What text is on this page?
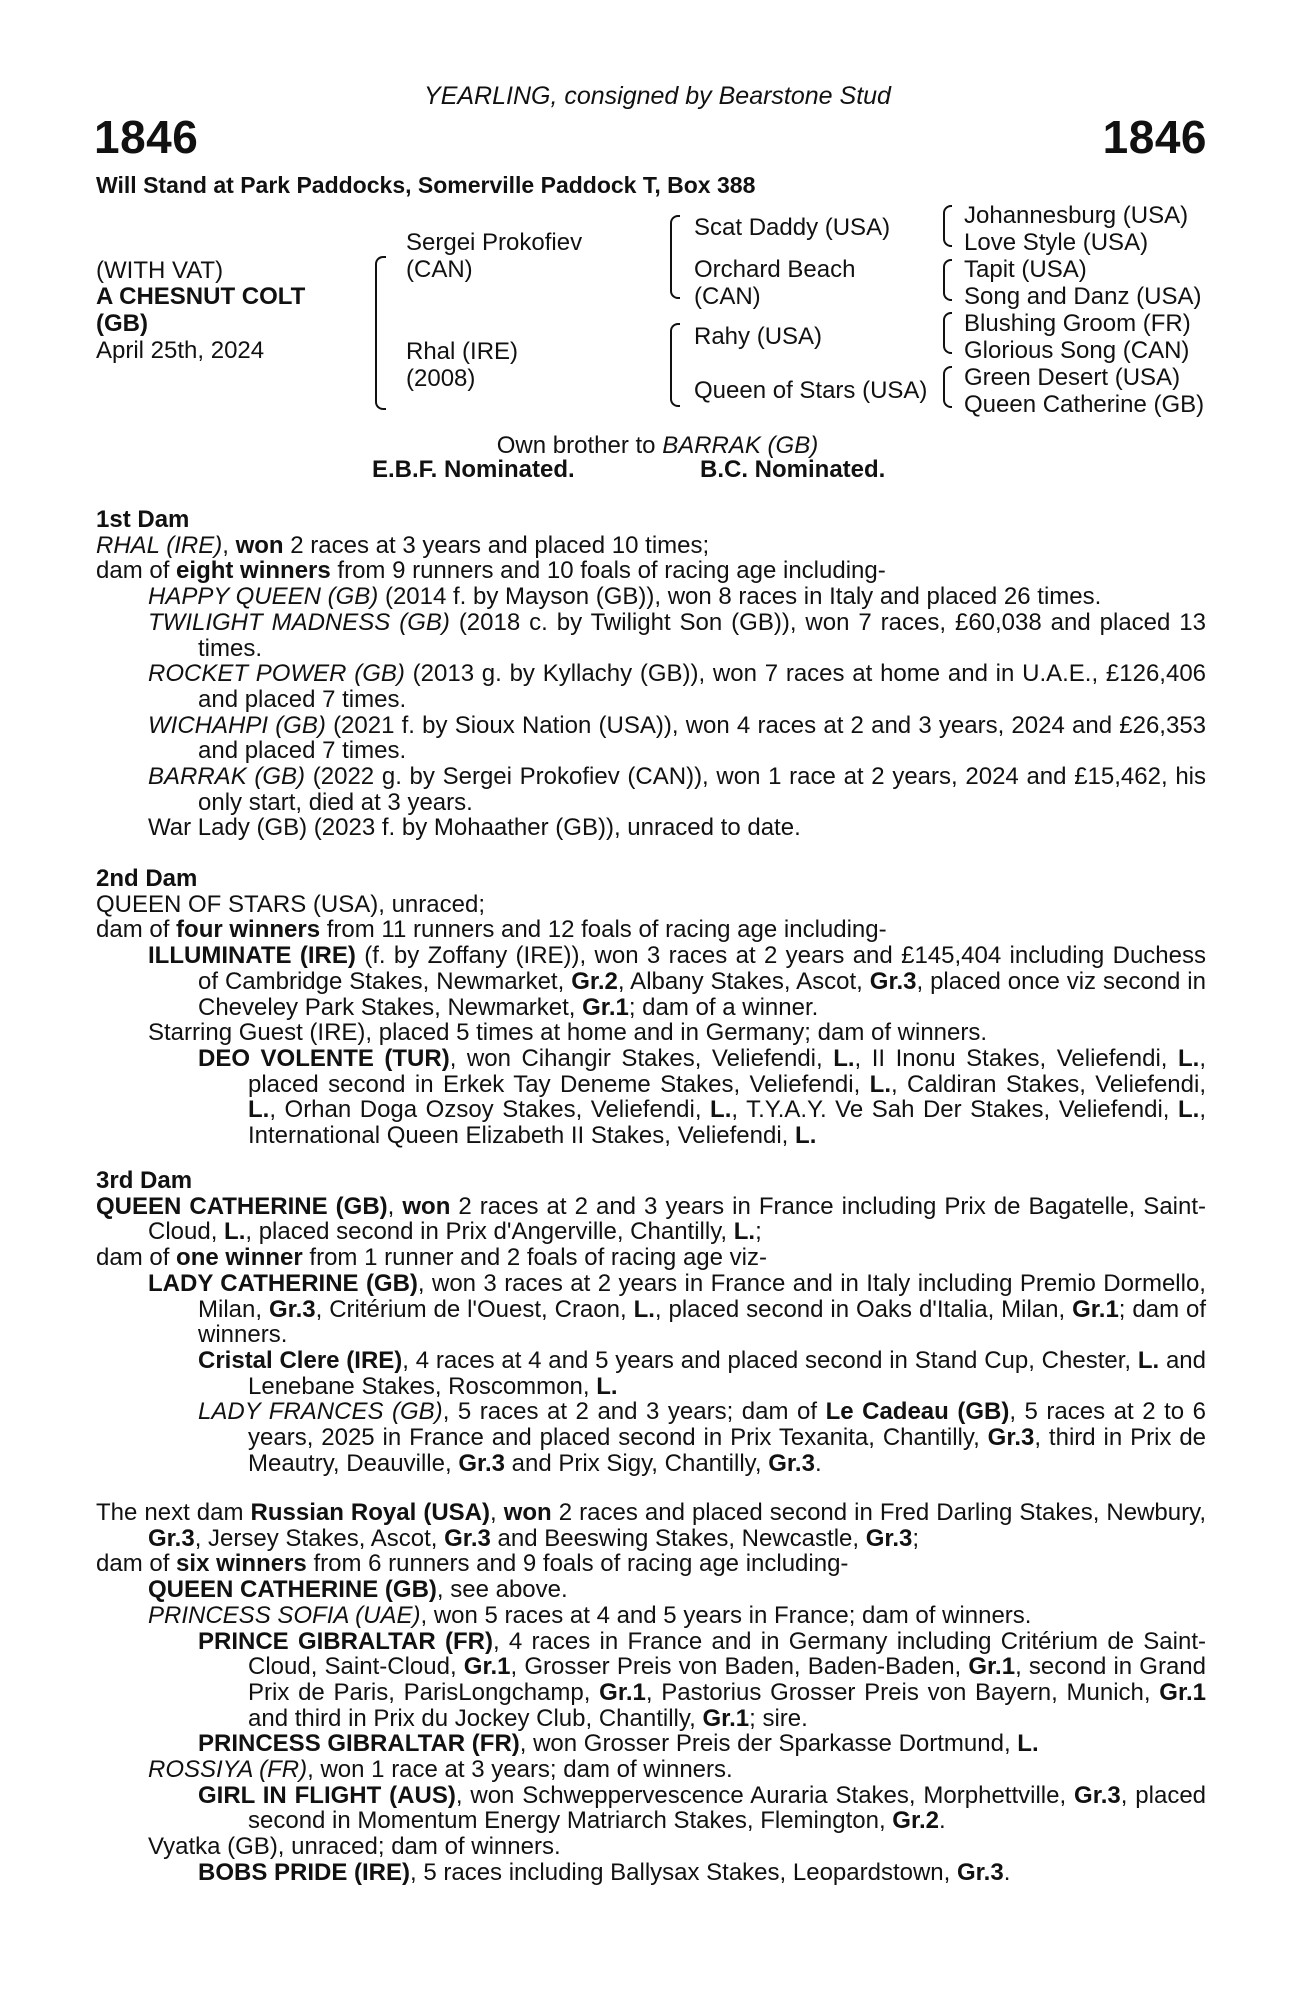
YEARLING, consigned by Bearstone Stud
1846	1846
Will Stand at Park Paddocks, Somerville Paddock T, Box 388
(WITH VAT)
A CHESNUT COLT
(GB)
April 25th, 2024
Sergei Prokofiev
(CAN)
Rhal (IRE)
(2008)
Scat Daddy (USA)
Orchard Beach
(CAN)
Rahy (USA)
Queen of Stars (USA)
Johannesburg (USA)
Love Style (USA)
Tapit (USA)
Song and Danz (USA)
Blushing Groom (FR)
Glorious Song (CAN)
Green Desert (USA)
Queen Catherine (GB)
Own brother to BARRAK (GB)
E.B.F. Nominated.	B.C. Nominated.
1st Dam
RHAL (IRE), won 2 races at 3 years and placed 10 times;
dam of eight winners from 9 runners and 10 foals of racing age including-
HAPPY QUEEN (GB) (2014 f. by Mayson (GB)), won 8 races in Italy and placed 26 times.
TWILIGHT MADNESS (GB) (2018 c. by Twilight Son (GB)), won 7 races, £60,038 and placed 13 times.
ROCKET POWER (GB) (2013 g. by Kyllachy (GB)), won 7 races at home and in U.A.E., £126,406 and placed 7 times.
WICHAHPI (GB) (2021 f. by Sioux Nation (USA)), won 4 races at 2 and 3 years, 2024 and £26,353 and placed 7 times.
BARRAK (GB) (2022 g. by Sergei Prokofiev (CAN)), won 1 race at 2 years, 2024 and £15,462, his only start, died at 3 years.
War Lady (GB) (2023 f. by Mohaather (GB)), unraced to date.
2nd Dam
QUEEN OF STARS (USA), unraced;
dam of four winners from 11 runners and 12 foals of racing age including-
ILLUMINATE (IRE) (f. by Zoffany (IRE)), won 3 races at 2 years and £145,404 including Duchess of Cambridge Stakes, Newmarket, Gr.2, Albany Stakes, Ascot, Gr.3, placed once viz second in Cheveley Park Stakes, Newmarket, Gr.1; dam of a winner.
Starring Guest (IRE), placed 5 times at home and in Germany; dam of winners.
DEO VOLENTE (TUR), won Cihangir Stakes, Veliefendi, L., II Inonu Stakes, Veliefendi, L., placed second in Erkek Tay Deneme Stakes, Veliefendi, L., Caldiran Stakes, Veliefendi, L., Orhan Doga Ozsoy Stakes, Veliefendi, L., T.Y.A.Y. Ve Sah Der Stakes, Veliefendi, L., International Queen Elizabeth II Stakes, Veliefendi, L.
3rd Dam
QUEEN CATHERINE (GB), won 2 races at 2 and 3 years in France including Prix de Bagatelle, Saint-Cloud, L., placed second in Prix d'Angerville, Chantilly, L.;
dam of one winner from 1 runner and 2 foals of racing age viz-
LADY CATHERINE (GB), won 3 races at 2 years in France and in Italy including Premio Dormello, Milan, Gr.3, Critérium de l'Ouest, Craon, L., placed second in Oaks d'Italia, Milan, Gr.1; dam of winners.
Cristal Clere (IRE), 4 races at 4 and 5 years and placed second in Stand Cup, Chester, L. and Lenebane Stakes, Roscommon, L.
LADY FRANCES (GB), 5 races at 2 and 3 years; dam of Le Cadeau (GB), 5 races at 2 to 6 years, 2025 in France and placed second in Prix Texanita, Chantilly, Gr.3, third in Prix de Meautry, Deauville, Gr.3 and Prix Sigy, Chantilly, Gr.3.
The next dam Russian Royal (USA), won 2 races and placed second in Fred Darling Stakes, Newbury, Gr.3, Jersey Stakes, Ascot, Gr.3 and Beeswing Stakes, Newcastle, Gr.3;
dam of six winners from 6 runners and 9 foals of racing age including-
QUEEN CATHERINE (GB), see above.
PRINCESS SOFIA (UAE), won 5 races at 4 and 5 years in France; dam of winners.
PRINCE GIBRALTAR (FR), 4 races in France and in Germany including Critérium de Saint-Cloud, Saint-Cloud, Gr.1, Grosser Preis von Baden, Baden-Baden, Gr.1, second in Grand Prix de Paris, ParisLongchamp, Gr.1, Pastorius Grosser Preis von Bayern, Munich, Gr.1 and third in Prix du Jockey Club, Chantilly, Gr.1; sire.
PRINCESS GIBRALTAR (FR), won Grosser Preis der Sparkasse Dortmund, L.
ROSSIYA (FR), won 1 race at 3 years; dam of winners.
GIRL IN FLIGHT (AUS), won Schweppervescence Auraria Stakes, Morphettville, Gr.3, placed second in Momentum Energy Matriarch Stakes, Flemington, Gr.2.
Vyatka (GB), unraced; dam of winners.
BOBS PRIDE (IRE), 5 races including Ballysax Stakes, Leopardstown, Gr.3.
